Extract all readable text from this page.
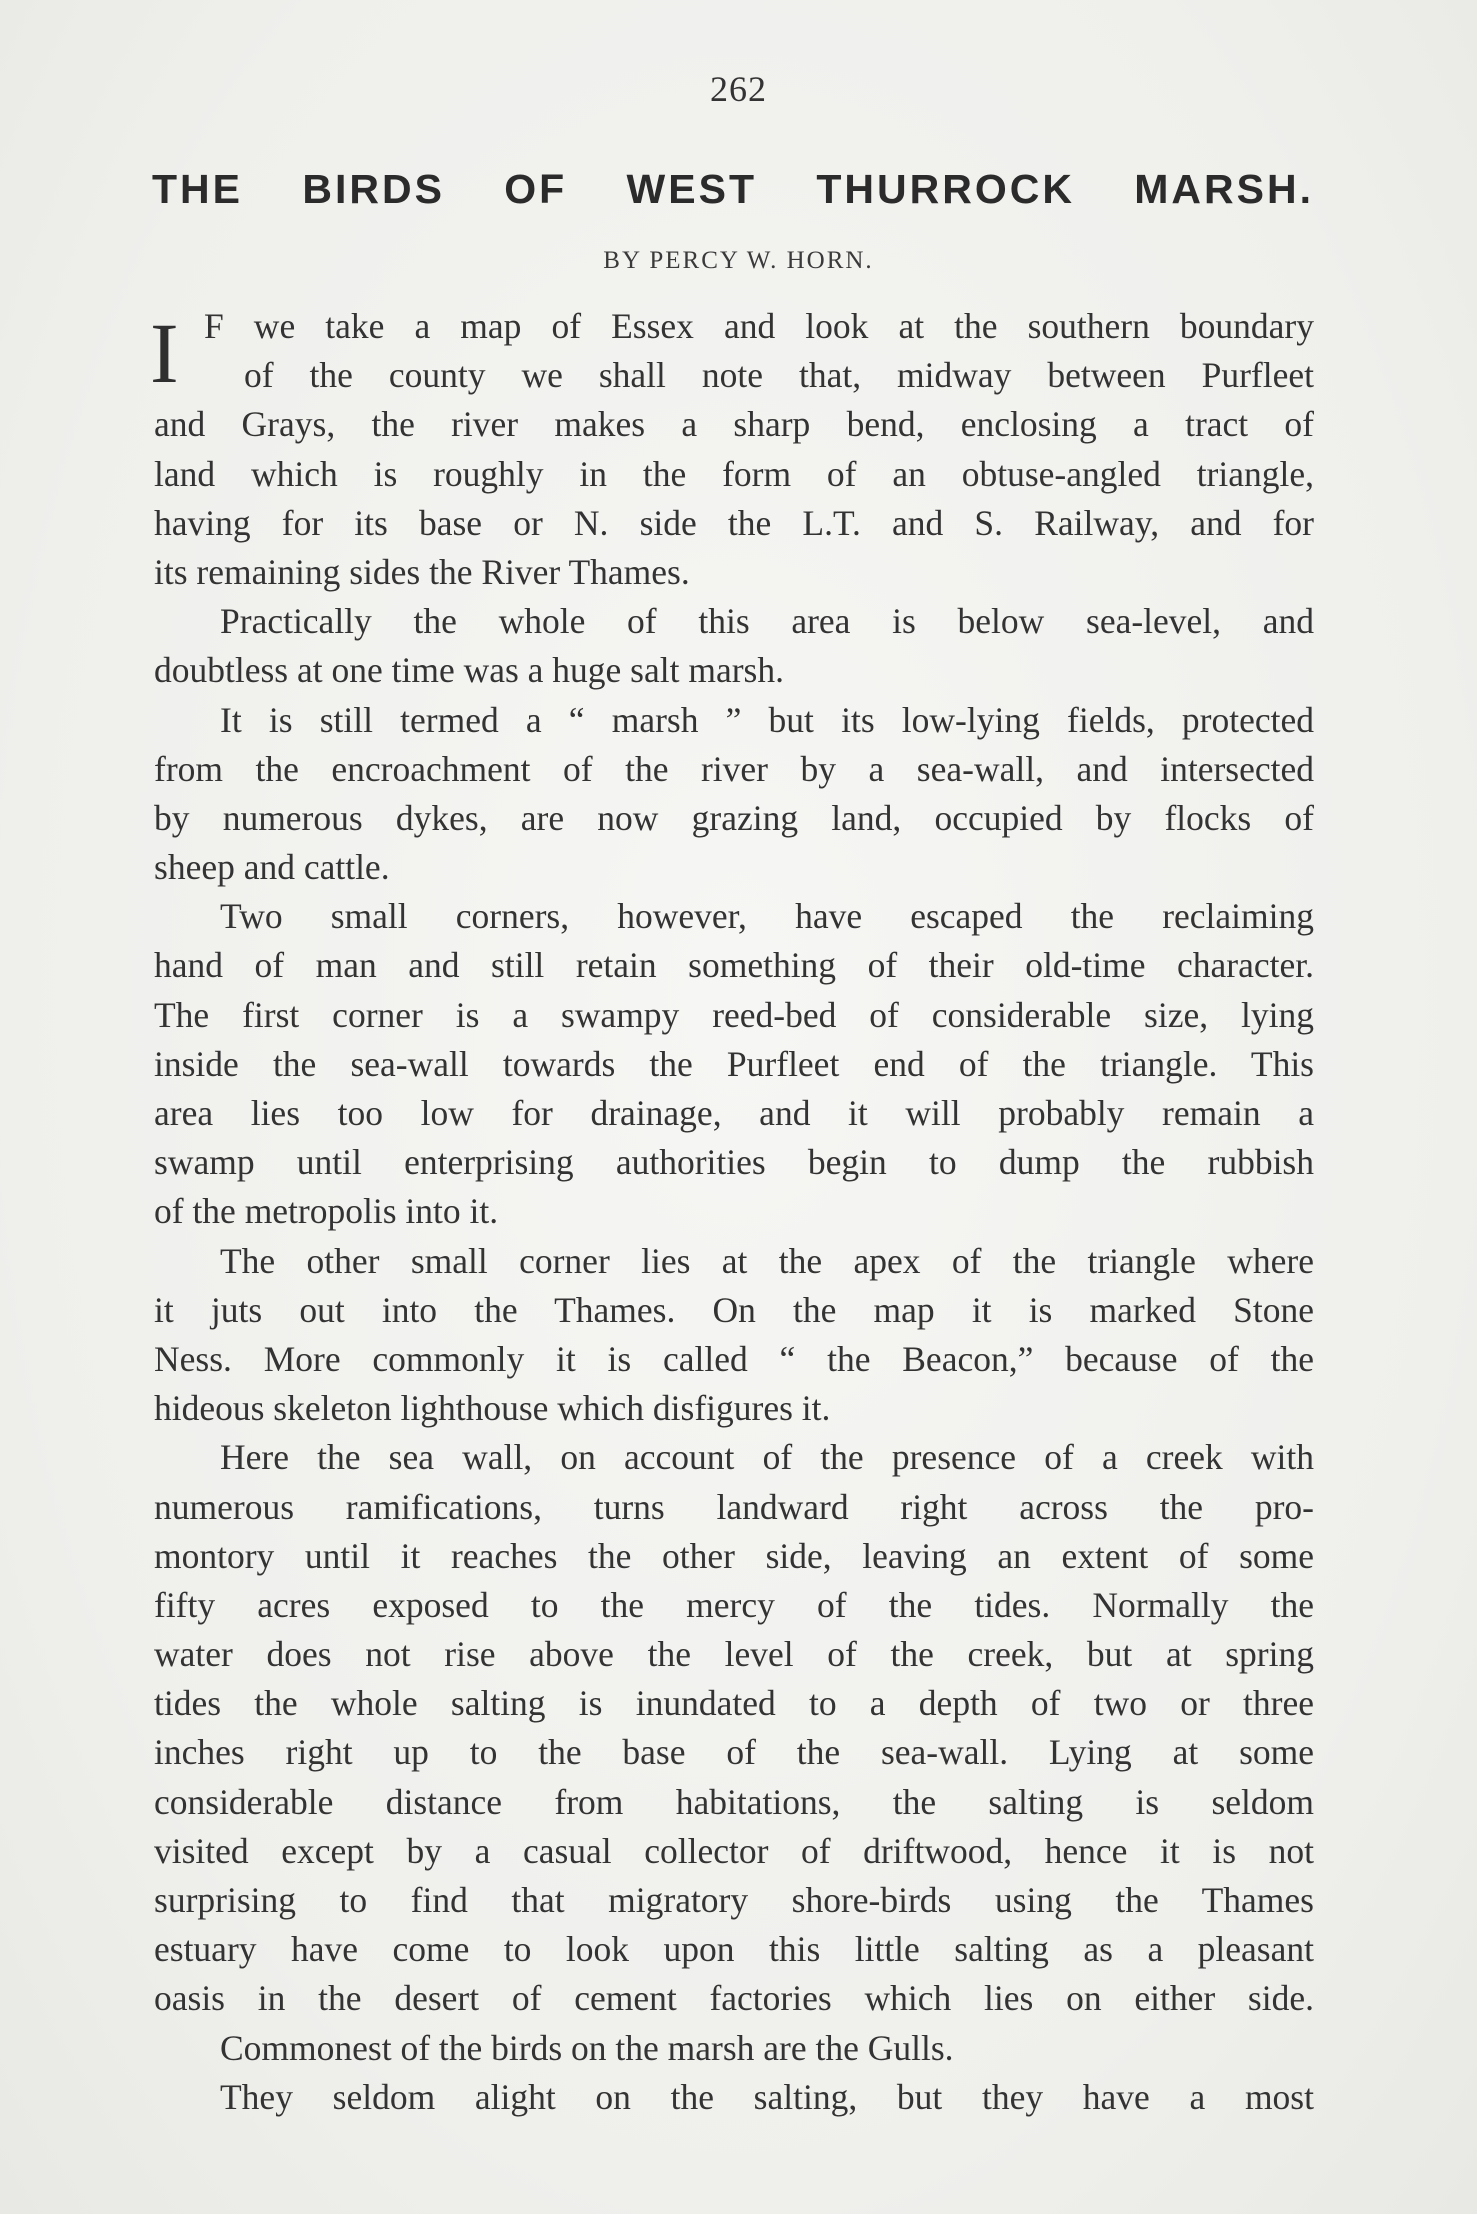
262
THE BIRDS OF WEST THURROCK MARSH.
BY PERCY W. HORN.
I F we take a map of Essex and look at the southern boundary
of the county we shall note that, midway between Purfleet
and Grays, the river makes a sharp bend, enclosing a tract of
land which is roughly in the form of an obtuse-angled triangle,
having for its base or N. side the L.T. and S. Railway, and for
its remaining sides the River Thames.
Practically the whole of this area is below sea-level, and
doubtless at one time was a huge salt marsh.
It is still termed a “ marsh ” but its low-lying fields, protected
from the encroachment of the river by a sea-wall, and intersected
by numerous dykes, are now grazing land, occupied by flocks of
sheep and cattle.
Two small corners, however, have escaped the reclaiming
hand of man and still retain something of their old-time character.
The first corner is a swampy reed-bed of considerable size, lying
inside the sea-wall towards the Purfleet end of the triangle. This
area lies too low for drainage, and it will probably remain a
swamp until enterprising authorities begin to dump the rubbish
of the metropolis into it.
The other small corner lies at the apex of the triangle where
it juts out into the Thames. On the map it is marked Stone
Ness. More commonly it is called “ the Beacon,” because of the
hideous skeleton lighthouse which disfigures it.
Here the sea wall, on account of the presence of a creek with
numerous ramifications, turns landward right across the pro-
montory until it reaches the other side, leaving an extent of some
fifty acres exposed to the mercy of the tides. Normally the
water does not rise above the level of the creek, but at spring
tides the whole salting is inundated to a depth of two or three
inches right up to the base of the sea-wall. Lying at some
considerable distance from habitations, the salting is seldom
visited except by a casual collector of driftwood, hence it is not
surprising to find that migratory shore-birds using the Thames
estuary have come to look upon this little salting as a pleasant
oasis in the desert of cement factories which lies on either side.
Commonest of the birds on the marsh are the Gulls.
They seldom alight on the salting, but they have a most
